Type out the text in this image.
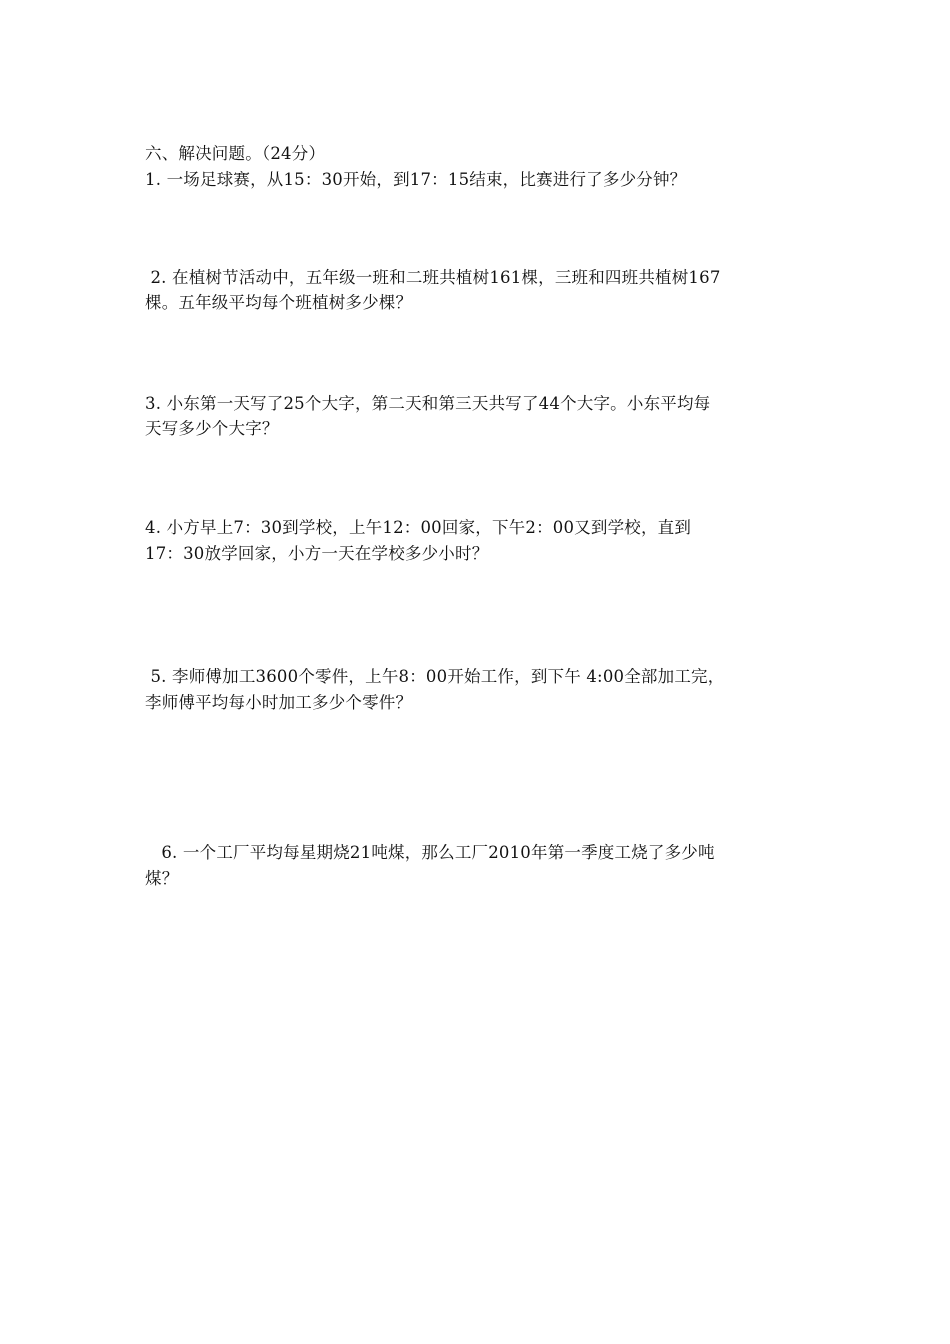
六、解决问题。（24分）
1. 一场足球赛，从15：30开始，到17：15结束，比赛进行了多少分钟？
2. 在植树节活动中，五年级一班和二班共植树161棵，三班和四班共植树167
棵。五年级平均每个班植树多少棵？
3. 小东第一天写了25个大字，第二天和第三天共写了44个大字。小东平均每
天写多少个大字？
4. 小方早上7：30到学校，上午12：00回家，下午2：00又到学校，直到
17：30放学回家，小方一天在学校多少小时？
5. 李师傅加工3600个零件，上午8：00开始工作，到下午 4:00全部加工完，
李师傅平均每小时加工多少个零件？
6. 一个工厂平均每星期烧21吨煤，那么工厂2010年第一季度工烧了多少吨
煤？
